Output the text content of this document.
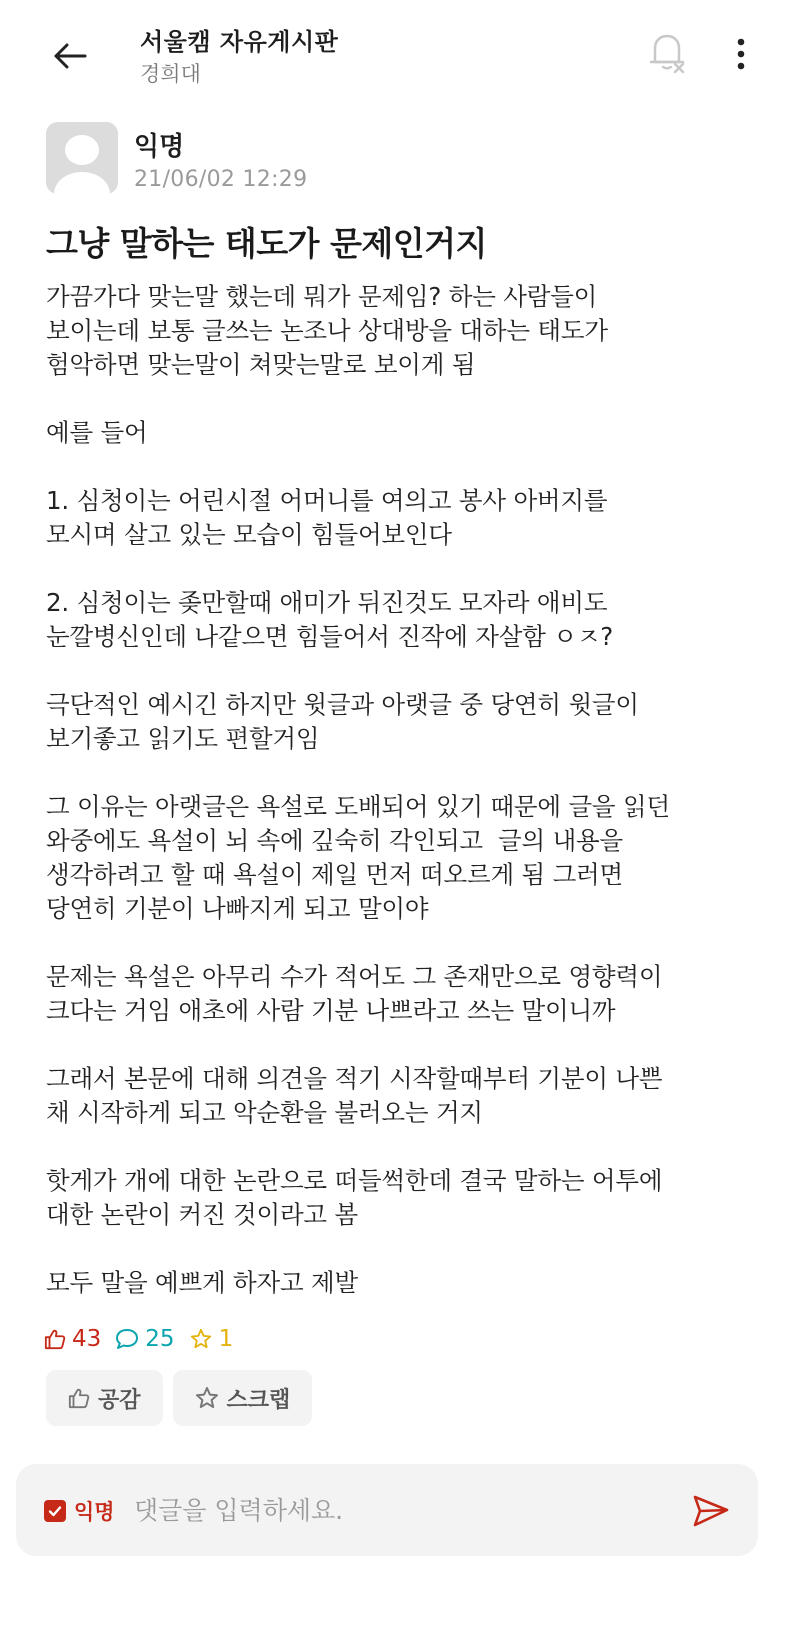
서울캠 자유게시판
경희대
익명
21/06/02 12:29
그냥 말하는 태도가 문제인거지
가끔가다 맞는말 했는데 뭐가 문제임? 하는 사람들이
보이는데 보통 글쓰는 논조나 상대방을 대하는 태도가
험악하면 맞는말이 쳐맞는말로 보이게 됨

예를 들어

1. 심청이는 어린시절 어머니를 여의고 봉사 아버지를
모시며 살고 있는 모습이 힘들어보인다

2. 심청이는 좆만할때 애미가 뒤진것도 모자라 애비도
눈깔병신인데 나같으면 힘들어서 진작에 자살함 ㅇㅈ?

극단적인 예시긴 하지만 윗글과 아랫글 중 당연히 윗글이
보기좋고 읽기도 편할거임

그 이유는 아랫글은 욕설로 도배되어 있기 때문에 글을 읽던
와중에도 욕설이 뇌 속에 깊숙히 각인되고  글의 내용을
생각하려고 할 때 욕설이 제일 먼저 떠오르게 됨 그러면
당연히 기분이 나빠지게 되고 말이야

문제는 욕설은 아무리 수가 적어도 그 존재만으로 영향력이
크다는 거임 애초에 사람 기분 나쁘라고 쓰는 말이니까

그래서 본문에 대해 의견을 적기 시작할때부터 기분이 나쁜
채 시작하게 되고 악순환을 불러오는 거지

핫게가 개에 대한 논란으로 떠들썩한데 결국 말하는 어투에
대한 논란이 커진 것이라고 봄

모두 말을 예쁘게 하자고 제발
43 25 1
공감	스크랩
익명
댓글을 입력하세요.
